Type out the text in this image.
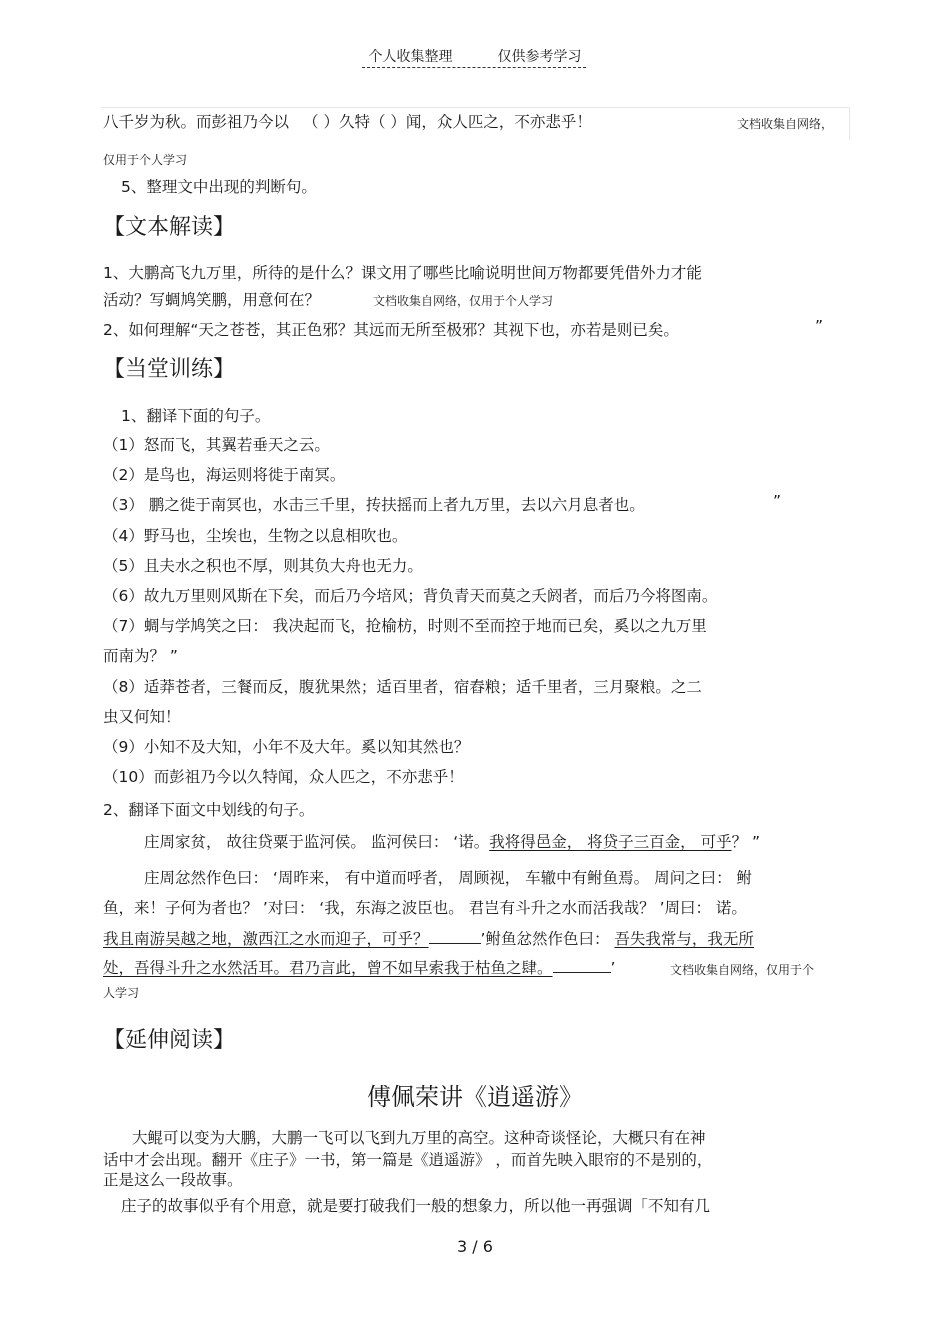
个人收集整理	仅供参考学习
八千岁为秋。而彭祖乃今以 （ ）久特（ ）闻，众人匹之，不亦悲乎！	文档收集自网络，
仅用于个人学习
5、整理文中出现的判断句。
【文本解读】
1、大鹏高飞九万里，所待的是什么？课文用了哪些比喻说明世间万物都要凭借外力才能
活动？写蜩鸠笑鹏，用意何在？	文档收集自网络，仅用于个人学习
2、如何理解“天之苍苍，其正色邪？其远而无所至极邪？其视下也，亦若是则已矣。	”
【当堂训练】
1、翻译下面的句子。
（1）怒而飞，其翼若垂天之云。
（2）是鸟也，海运则将徙于南冥。
（3） 鹏之徙于南冥也，水击三千里，抟扶摇而上者九万里，去以六月息者也。	”
（4）野马也，尘埃也，生物之以息相吹也。
（5）且夫水之积也不厚，则其负大舟也无力。
（6）故九万里则风斯在下矣，而后乃今培风；背负青天而莫之夭阏者，而后乃今将图南。
（7）蜩与学鸠笑之曰： 我决起而飞，抢榆枋，时则不至而控于地而已矣，奚以之九万里
而南为？ ”
（8）适莽苍者，三餐而反，腹犹果然；适百里者，宿舂粮；适千里者，三月聚粮。之二
虫又何知！
（9）小知不及大知，小年不及大年。奚以知其然也？
（10）而彭祖乃今以久特闻，众人匹之，不亦悲乎！
2、翻译下面文中划线的句子。
庄周家贫， 故往贷粟于监河侯。 监河侯曰： ‘诺。我将得邑金， 将贷子三百金， 可乎？ ”
庄周忿然作色曰： ‘周昨来， 有中道而呼者， 周顾视， 车辙中有鲋鱼焉。 周问之曰： 鲋
鱼，来！子何为者也？ ’对曰： ‘我，东海之波臣也。 君岂有斗升之水而活我哉？ ’周曰： 诺。
我且南游吴越之地，激西江之水而迎子，可乎？	’鲋鱼忿然作色曰： 吾失我常与，我无所
处，吾得斗升之水然活耳。君乃言此，曾不如早索我于枯鱼之肆。	’	文档收集自网络，仅用于个
人学习
【延伸阅读】
傅佩荣讲《逍遥游》
大鲲可以变为大鹏，大鹏一飞可以飞到九万里的高空。这种奇谈怪论，大概只有在神
话中才会出现。翻开《庄子》一书，第一篇是《逍遥游》 ，而首先映入眼帘的不是别的，
正是这么一段故事。
庄子的故事似乎有个用意，就是要打破我们一般的想象力，所以他一再强调「不知有几
3 / 6
